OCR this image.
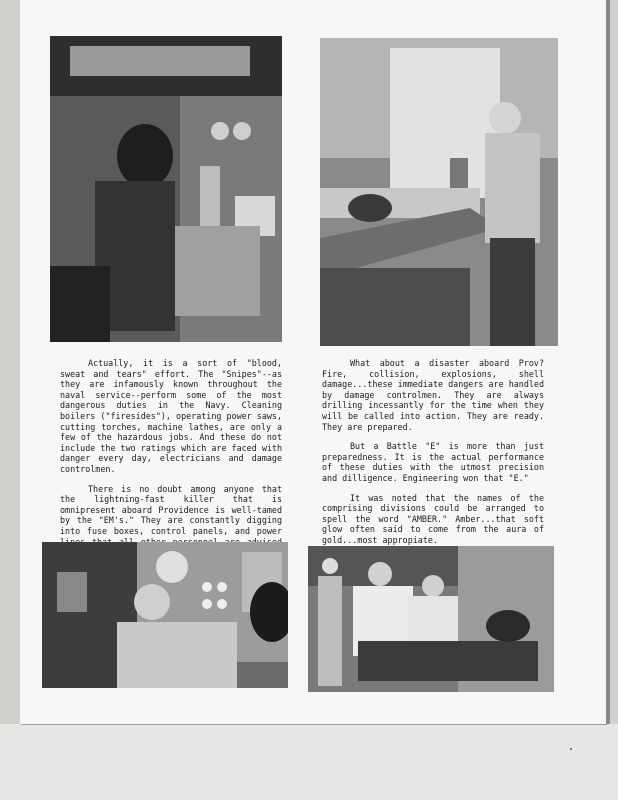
Actually, it is a sort of "blood, sweat and tears" effort. The "Snipes"--as they are infamously known throughout the naval service--perform some of the most dangerous duties in the Navy. Cleaning boilers ("firesides"), operating power saws, cutting torches, machine lathes, are only a few of the hazardous jobs. And these do not include the two ratings which are faced with danger every day, electricians and damage controlmen.

There is no doubt among anyone that the lightning-fast killer that is omnipresent aboard Providence is well-tamed by the "EM's." They are constantly digging into fuse boxes, control panels, and power

What about a disaster aboard Prov? Fire, collision, explosions, shell damage...these immediate dangers are handled by damage controlmen. They are always drilling incessantly for the time when they will be called into action. They are ready. They are prepared.

But a Battle "E" is more than just preparedness. It is the actual performance of these duties with the utmost precision and dilligence. Engineering won that "E."

It was noted that the names of the comprising divisions could be arranged to spell the word "AMBER." Amber...that soft glow often said to come from the aura of gold...most appropiate.
